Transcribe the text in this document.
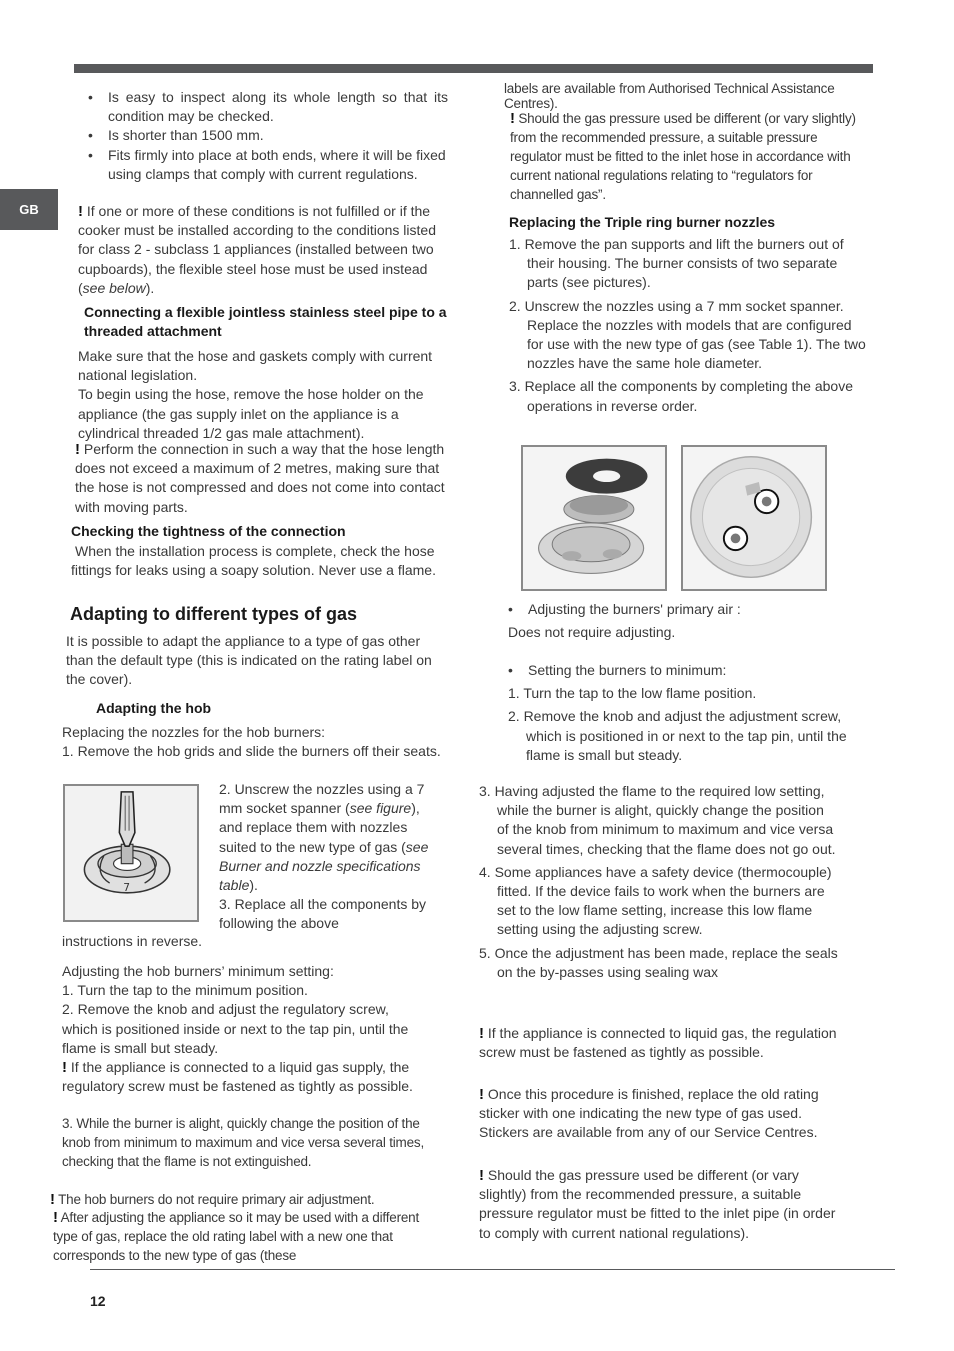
GB
12

• Is easy to inspect along its whole length so that its condition may be checked.

• Is shorter than 1500 mm.

• Fits firmly into place at both ends, where it will be fixed using clamps that comply with current regulations.

! If one or more of these conditions is not fulfilled or if the cooker must be installed according to the conditions listed for class 2 - subclass 1 appliances (installed between two cupboards), the flexible steel hose must be used instead (see below).
Connecting a flexible jointless stainless steel pipe to a threaded attachment

Make sure that the hose and gaskets comply with current national legislation.

To begin using the hose, remove the hose holder on the appliance (the gas supply inlet on the appliance is a cylindrical threaded 1/2 gas male attachment).

! Perform the connection in such a way that the hose length does not exceed a maximum of 2 metres, making sure that the hose is not compressed and does not come into contact with moving parts.
Checking the tightness of the connection
When the installation process is complete, check the hose fittings for leaks using a soapy solution. Never use a flame.
Adapting to different types of gas
It is possible to adapt the appliance to a type of gas other than the default type (this is indicated on the rating label on the cover).
Adapting the hob

Replacing the nozzles for the hob burners:

1. Remove the hob grids and slide the burners off their seats.

7
2. Unscrew the nozzles using a 7 mm socket spanner (see figure), and replace them with nozzles suited to the new type of gas (see Burner and nozzle specifications table).

3. Replace all the components by following the above

instructions in reverse.

Adjusting the hob burners’ minimum setting:

1. Turn the tap to the minimum position.

2. Remove the knob and adjust the regulatory screw, which is positioned inside or next to the tap pin, until the flame is small but steady.

! If the appliance is connected to a liquid gas supply, the regulatory screw must be fastened as tightly as possible.

3. While the burner is alight, quickly change the position of the knob from minimum to maximum and vice versa several times, checking that the flame is not extinguished.
! The hob burners do not require primary air adjustment.
! After adjusting the appliance so it may be used with a different type of gas, replace the old rating label with a new one that corresponds to the new type of gas (these
labels are available from Authorised Technical Assistance Centres).
! Should the gas pressure used be different (or vary slightly) from the recommended pressure, a suitable pressure regulator must be fitted to the inlet hose in accordance with current national regulations relating to “regulators for channelled gas”.
Replacing the Triple ring burner nozzles

1. Remove the pan supports and lift the burners out of their housing. The burner consists of two separate parts (see pictures).

2. Unscrew the nozzles using a 7 mm socket spanner. Replace the nozzles with models that are configured for use with the new type of gas (see Table 1). The two nozzles have the same hole diameter.

3. Replace all the components by completing the above operations in reverse order.

• Adjusting the burners' primary air :

Does not require adjusting.

• Setting the burners to minimum:

1. Turn the tap to the low flame position.

2. Remove the knob and adjust the adjustment screw, which is positioned in or next to the tap pin, until the flame is small but steady.

3. Having adjusted the flame to the required low setting, while the burner is alight, quickly change the position of the knob from minimum to maximum and vice versa several times, checking that the flame does not go out.

4. Some appliances have a safety device (thermocouple) fitted. If the device fails to work when the burners are set to the low flame setting, increase this low flame setting using the adjusting screw.

5. Once the adjustment has been made, replace the seals on the by-passes using sealing wax

! If the appliance is connected to liquid gas, the regulation screw must be fastened as tightly as possible.
! Once this procedure is finished, replace the old rating sticker with one indicating the new type of gas used. Stickers are available from any of our Service Centres.
! Should the gas pressure used be different (or vary slightly) from the recommended pressure, a suitable pressure regulator must be fitted to the inlet pipe (in order to comply with current national regulations).
